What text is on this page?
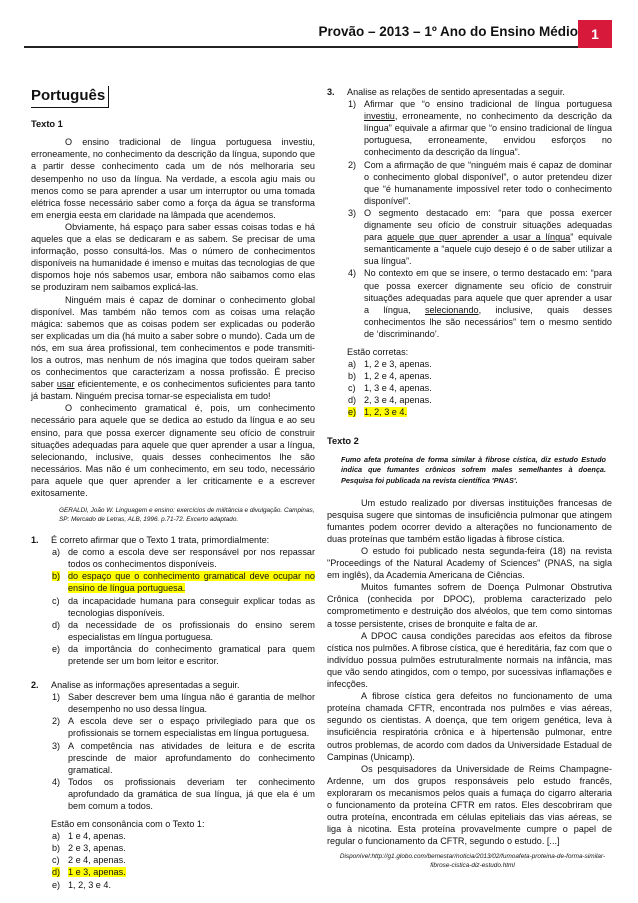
Provão – 2013 – 1º Ano do Ensino Médio 1
Português
Texto 1

O ensino tradicional de língua portuguesa investiu, erroneamente, no conhecimento da descrição da língua, supondo que a partir desse conhecimento cada um de nós melhoraria seu desempenho no uso da língua. Na verdade, a escola agiu mais ou menos como se para aprender a usar um interruptor ou uma tomada elétrica fosse necessário saber como a força da água se transforma em energia eesta em claridade na lâmpada que acendemos.

Obviamente, há espaço para saber essas coisas todas e há aqueles que a elas se dedicaram e as sabem. Se precisar de uma informação, posso consultá-los. Mas o número de conhecimentos disponíveis na humanidade é imenso e muitas das tecnologias de que dispomos hoje nós sabemos usar, embora não saibamos como elas se produziram nem saibamos explicá-las.

Ninguém mais é capaz de dominar o conhecimento global disponível. Mas também não temos com as coisas uma relação mágica: sabemos que as coisas podem ser explicadas ou poderão ser explicadas um dia (há muito a saber sobre o mundo). Cada um de nós, em sua área profissional, tem conhecimentos e pode transmiti-los a outros, mas nenhum de nós imagina que todos queiram saber os conhecimentos que caracterizam a nossa profissão. É preciso saber usar eficientemente, e os conhecimentos suficientes para tanto já bastam. Ninguém precisa tornar-se especialista em tudo!

O conhecimento gramatical é, pois, um conhecimento necessário para aquele que se dedica ao estudo da língua e ao seu ensino, para que possa exercer dignamente seu ofício de construir situações adequadas para aquele que quer aprender a usar a língua, selecionando, inclusive, quais desses conhecimentos lhe são necessários. Mas não é um conhecimento, em seu todo, necessário para aquele que quer aprender a ler criticamente e a escrever exitosamente.

GERALDI, João W. Linguagem e ensino: exercícios de militância e divulgação. Campinas, SP: Mercado de Letras, ALB, 1996. p.71-72. Excerto adaptado.
1.	É correto afirmar que o Texto 1 trata, primordialmente:
a) de como a escola deve ser responsável por nos repassar todos os conhecimentos disponíveis.
b) do espaço que o conhecimento gramatical deve ocupar no ensino de língua portuguesa.
c) da incapacidade humana para conseguir explicar todas as tecnologias disponíveis.
d) da necessidade de os profissionais do ensino serem especialistas em língua portuguesa.
e) da importância do conhecimento gramatical para quem pretende ser um bom leitor e escritor.
2.	Analise as informações apresentadas a seguir.
1) Saber descrever bem uma língua não é garantia de melhor desempenho no uso dessa língua.
2) A escola deve ser o espaço privilegiado para que os profissionais se tornem especialistas em língua portuguesa.
3) A competência nas atividades de leitura e de escrita prescinde de maior aprofundamento do conhecimento gramatical.
4) Todos os profissionais deveriam ter conhecimento aprofundado da gramática de sua língua, já que ela é um bem comum a todos.
Estão em consonância com o Texto 1:
a) 1 e 4, apenas.
b) 2 e 3, apenas.
c) 2 e 4, apenas.
d) 1 e 3, apenas.
e) 1, 2, 3 e 4.
3.	Analise as relações de sentido apresentadas a seguir.
1) Afirmar que “o ensino tradicional de língua portuguesa investiu, erroneamente, no conhecimento da descrição da língua” equivale a afirmar que “o ensino tradicional de língua portuguesa, erroneamente, envidou esforços no conhecimento da descrição da língua”.
2) Com a afirmação de que “ninguém mais é capaz de dominar o conhecimento global disponível”, o autor pretendeu dizer que “é humanamente impossível reter todo o conhecimento disponível”.
3) O segmento destacado em: “para que possa exercer dignamente seu ofício de construir situações adequadas para aquele que quer aprender a usar a língua” equivale semanticamente a “aquele cujo desejo é o de saber utilizar a sua língua”.
4) No contexto em que se insere, o termo destacado em: “para que possa exercer dignamente seu ofício de construir situações adequadas para aquele que quer aprender a usar a língua, selecionando, inclusive, quais desses conhecimentos lhe são necessários” tem o mesmo sentido de ‘discriminando’.
Estão corretas:
a) 1, 2 e 3, apenas.
b) 1, 2 e 4, apenas.
c) 1, 3 e 4, apenas.
d) 2, 3 e 4, apenas.
e) 1, 2, 3 e 4.
Texto 2
Fumo afeta proteína de forma similar à fibrose cística, diz estudo Estudo indica que fumantes crônicos sofrem males semelhantes à doença. Pesquisa foi publicada na revista científica 'PNAS'.

Um estudo realizado por diversas instituições francesas de pesquisa sugere que sintomas de insuficiência pulmonar que atingem fumantes podem ocorrer devido a alterações no funcionamento de duas proteínas que também estão ligadas à fibrose cística.

O estudo foi publicado nesta segunda-feira (18) na revista "Proceedings of the Natural Academy of Sciences" (PNAS, na sigla em inglês), da Academia Americana de Ciências.

Muitos fumantes sofrem de Doença Pulmonar Obstrutiva Crônica (conhecida por DPOC), problema caracterizado pelo comprometimento e destruição dos alvéolos, que tem como sintomas a tosse persistente, crises de bronquite e falta de ar.

A DPOC causa condições parecidas aos efeitos da fibrose cística nos pulmões. A fibrose cística, que é hereditária, faz com que o indivíduo possua pulmões estruturalmente normais na infância, mas que vão sendo atingidos, com o tempo, por sucessivas inflamações e infecções.

A fibrose cística gera defeitos no funcionamento de uma proteína chamada CFTR, encontrada nos pulmões e vias aéreas, segundo os cientistas. A doença, que tem origem genética, leva à insuficiência respiratória crônica e à hipertensão pulmonar, entre outros problemas, de acordo com dados da Universidade Estadual de Campinas (Unicamp).

Os pesquisadores da Universidade de Reims Champagne-Ardenne, um dos grupos responsáveis pelo estudo francês, exploraram os mecanismos pelos quais a fumaça do cigarro alteraria o funcionamento da proteína CFTR em ratos. Eles descobriram que outra proteína, encontrada em células epiteliais das vias aéreas, se liga à nicotina. Esta proteína provavelmente cumpre o papel de regular o funcionamento da CFTR, segundo o estudo. [...]

Disponível:http://g1.globo.com/bemestar/noticia/2013/02/fumoafeta-proteina-de-forma-similar-fibrose-cistica-diz-estudo.html
